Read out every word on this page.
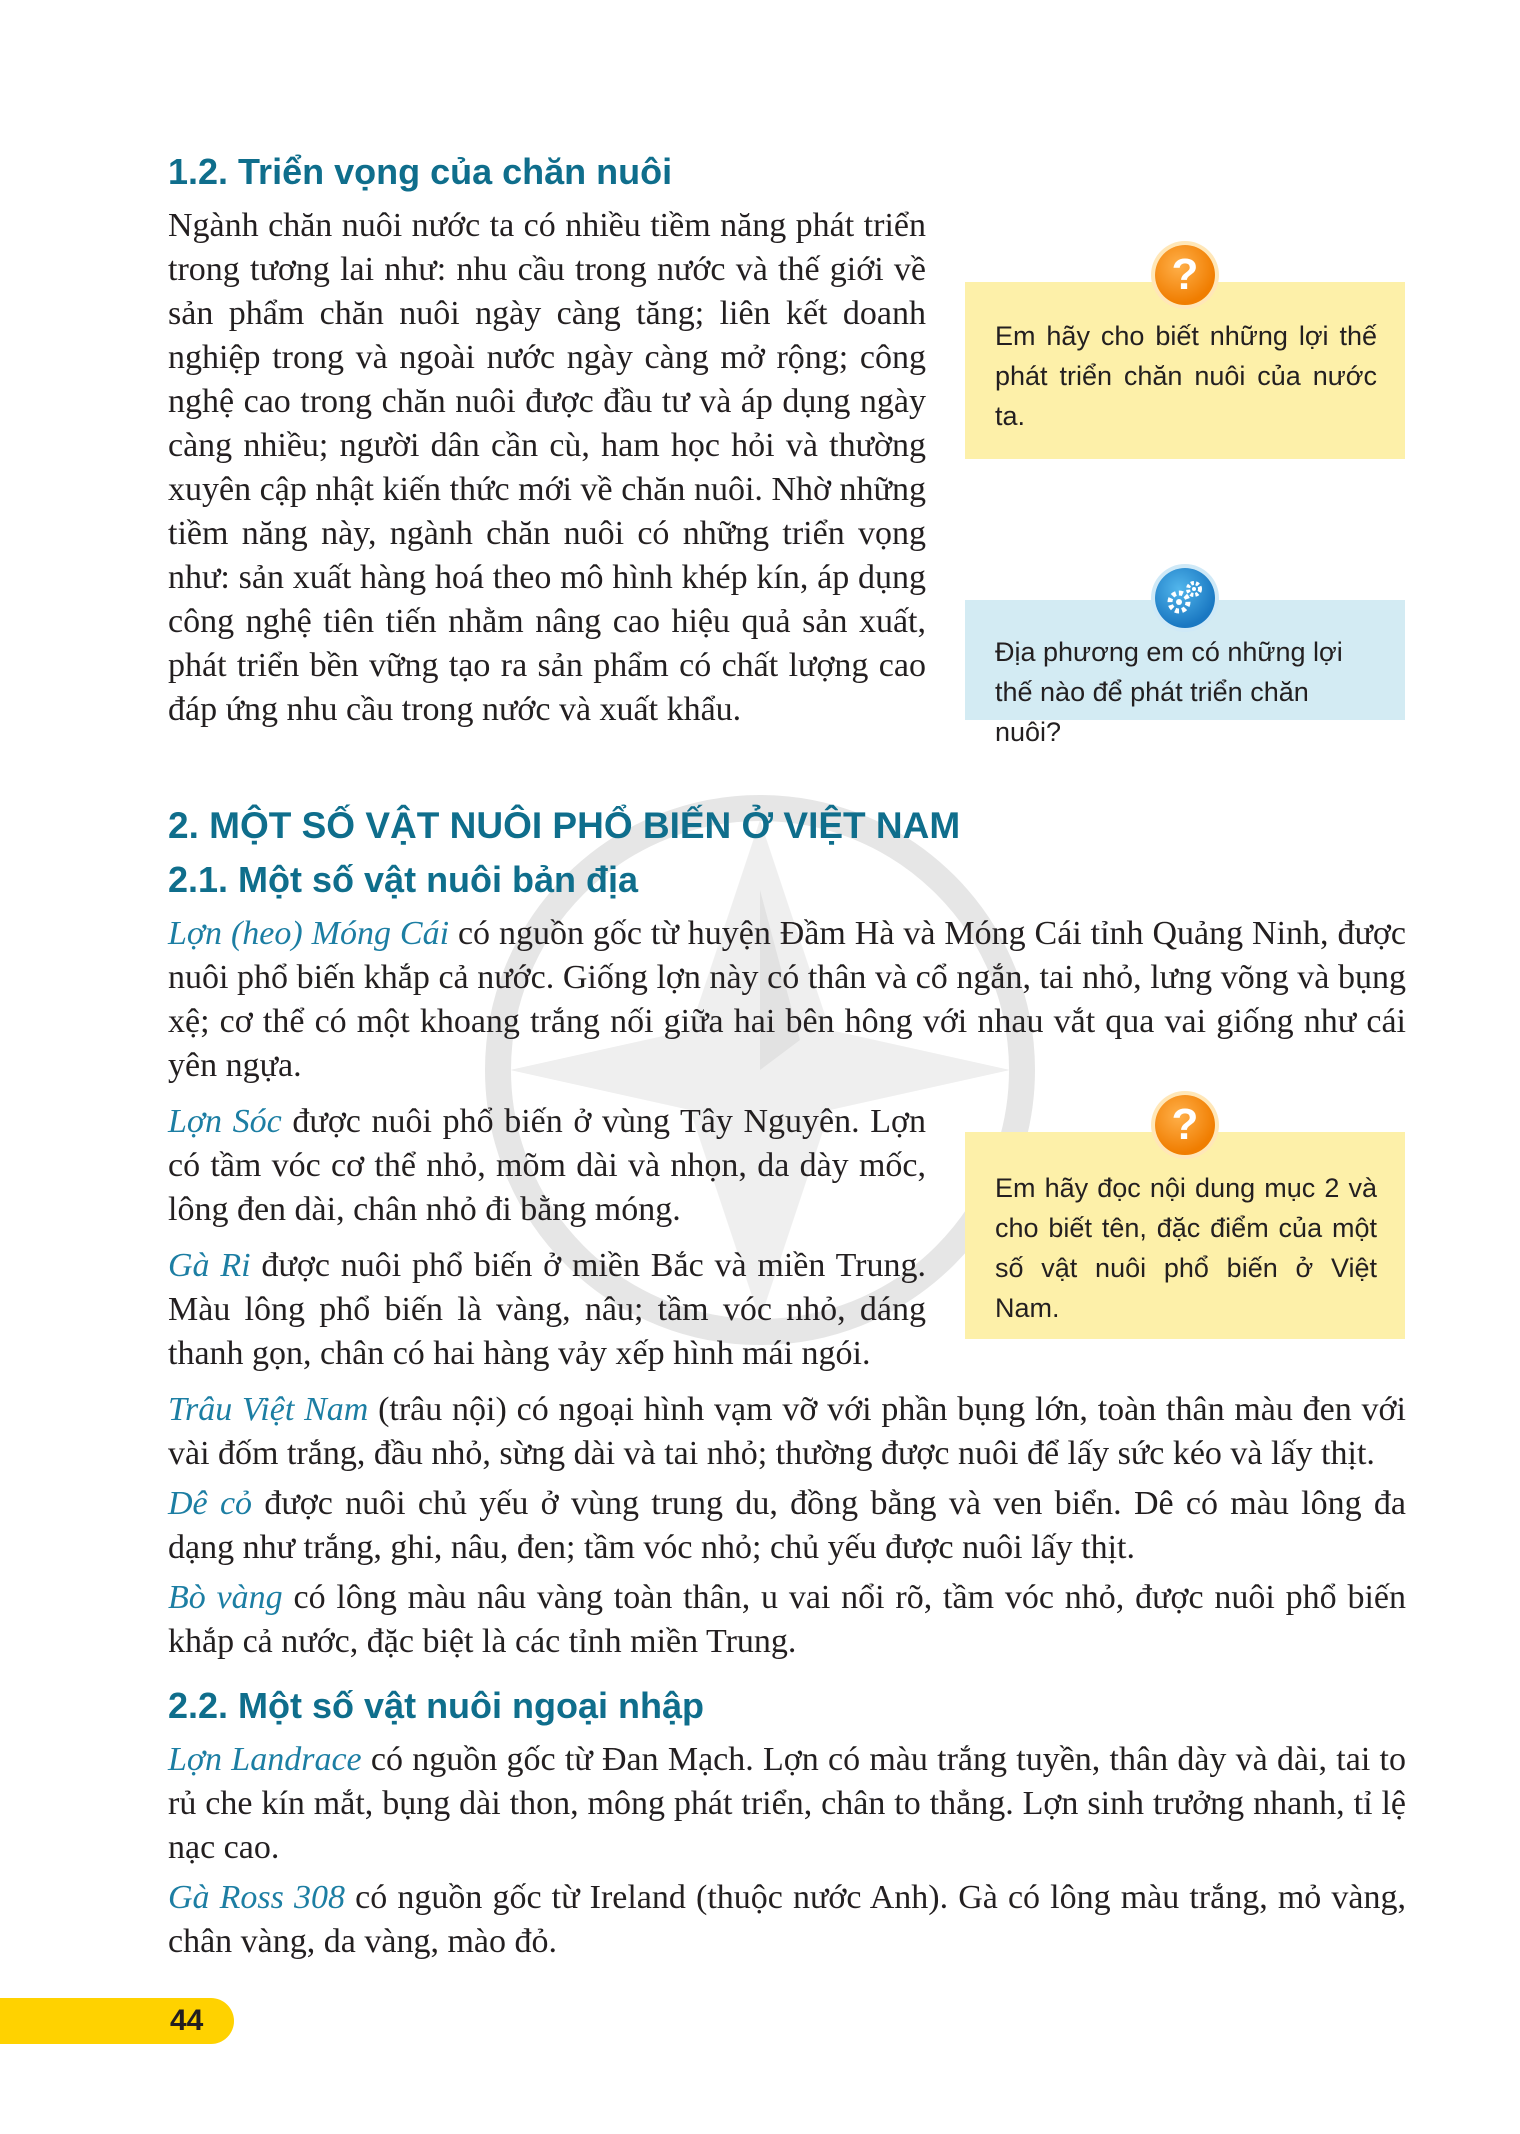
1.2. Triển vọng của chăn nuôi

Ngành chăn nuôi nước ta có nhiều tiềm năng phát triển trong tương lai như: nhu cầu trong nước và thế giới về sản phẩm chăn nuôi ngày càng tăng; liên kết doanh nghiệp trong và ngoài nước ngày càng mở rộng; công nghệ cao trong chăn nuôi được đầu tư và áp dụng ngày càng nhiều; người dân cần cù, ham học hỏi và thường xuyên cập nhật kiến thức mới về chăn nuôi. Nhờ những tiềm năng này, ngành chăn nuôi có những triển vọng như: sản xuất hàng hoá theo mô hình khép kín, áp dụng công nghệ tiên tiến nhằm nâng cao hiệu quả sản xuất, phát triển bền vững tạo ra sản phẩm có chất lượng cao đáp ứng nhu cầu trong nước và xuất khẩu.

Em hãy cho biết những lợi thế phát triển chăn nuôi của nước ta.
?
Địa phương em có những lợi thế nào để phát triển chăn nuôi?
2. MỘT SỐ VẬT NUÔI PHỔ BIẾN Ở VIỆT NAM
2.1. Một số vật nuôi bản địa

Lợn (heo) Móng Cái có nguồn gốc từ huyện Đầm Hà và Móng Cái tỉnh Quảng Ninh, được nuôi phổ biến khắp cả nước. Giống lợn này có thân và cổ ngắn, tai nhỏ, lưng võng và bụng xệ; cơ thể có một khoang trắng nối giữa hai bên hông với nhau vắt qua vai giống như cái yên ngựa.

Lợn Sóc được nuôi phổ biến ở vùng Tây Nguyên. Lợn có tầm vóc cơ thể nhỏ, mõm dài và nhọn, da dày mốc, lông đen dài, chân nhỏ đi bằng móng.

Gà Ri được nuôi phổ biến ở miền Bắc và miền Trung. Màu lông phổ biến là vàng, nâu; tầm vóc nhỏ, dáng thanh gọn, chân có hai hàng vảy xếp hình mái ngói.

Em hãy đọc nội dung mục 2 và cho biết tên, đặc điểm của một số vật nuôi phổ biến ở Việt Nam.
?

Trâu Việt Nam (trâu nội) có ngoại hình vạm vỡ với phần bụng lớn, toàn thân màu đen với vài đốm trắng, đầu nhỏ, sừng dài và tai nhỏ; thường được nuôi để lấy sức kéo và lấy thịt.

Dê cỏ được nuôi chủ yếu ở vùng trung du, đồng bằng và ven biển. Dê có màu lông đa dạng như trắng, ghi, nâu, đen; tầm vóc nhỏ; chủ yếu được nuôi lấy thịt.

Bò vàng có lông màu nâu vàng toàn thân, u vai nổi rõ, tầm vóc nhỏ, được nuôi phổ biến khắp cả nước, đặc biệt là các tỉnh miền Trung.

2.2. Một số vật nuôi ngoại nhập

Lợn Landrace có nguồn gốc từ Đan Mạch. Lợn có màu trắng tuyền, thân dày và dài, tai to rủ che kín mắt, bụng dài thon, mông phát triển, chân to thẳng. Lợn sinh trưởng nhanh, tỉ lệ nạc cao.

Gà Ross 308 có nguồn gốc từ Ireland (thuộc nước Anh). Gà có lông màu trắng, mỏ vàng, chân vàng, da vàng, mào đỏ.

44
